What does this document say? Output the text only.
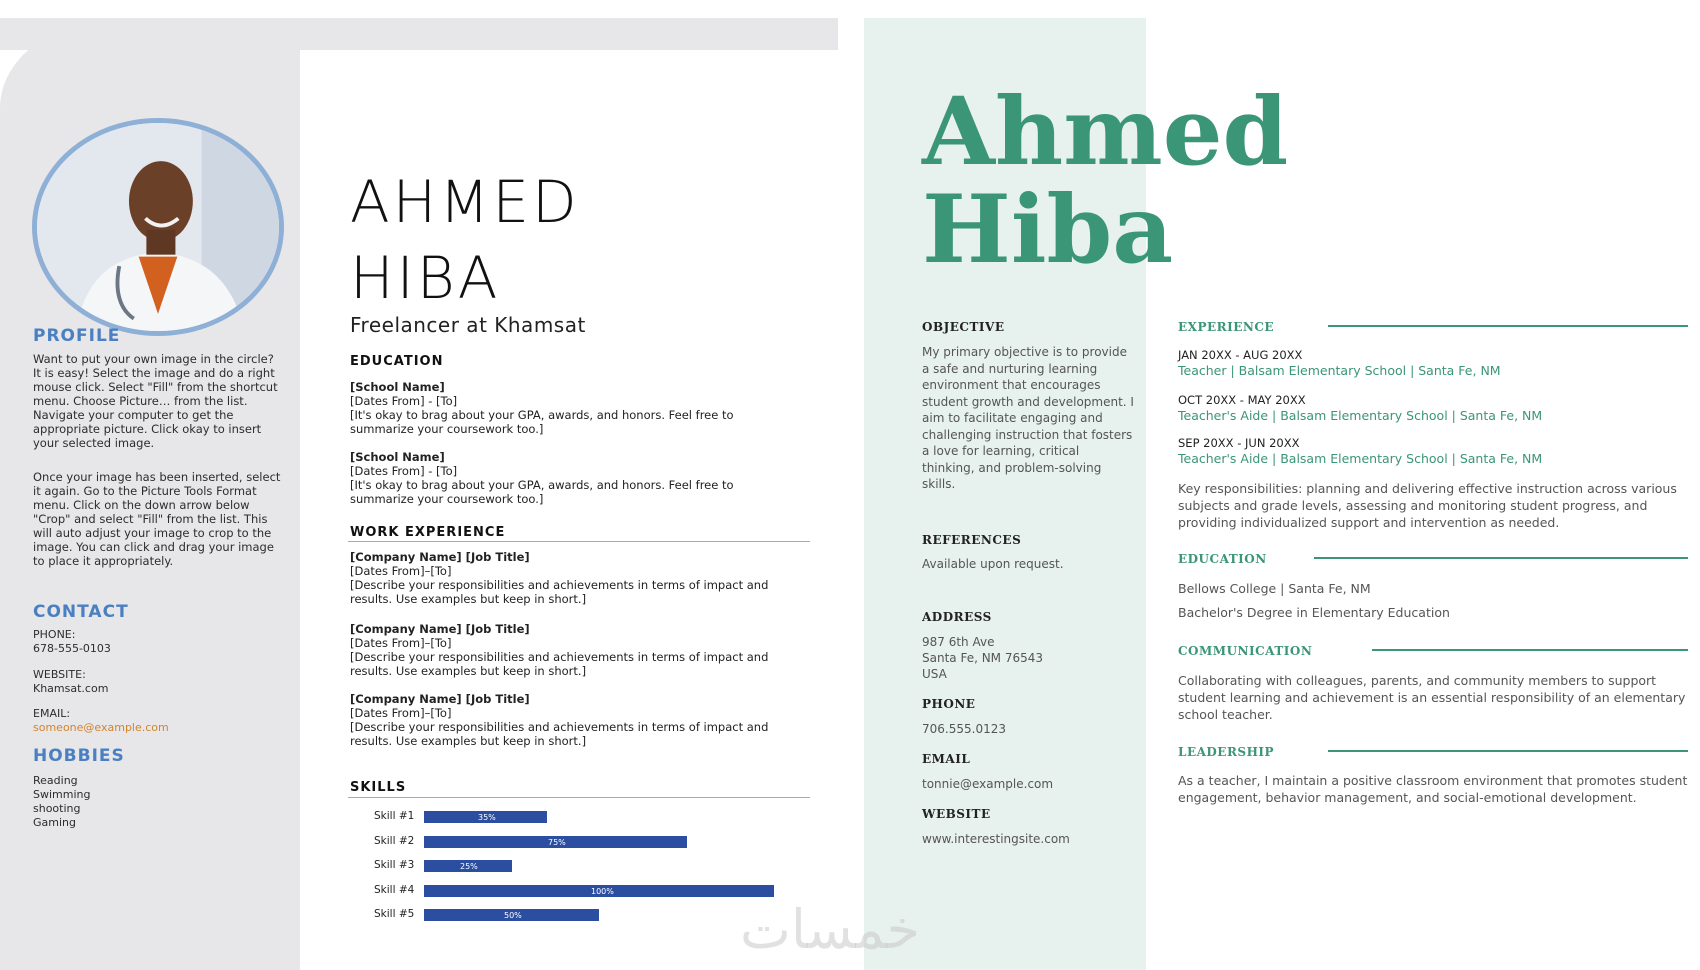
PROFILE
Want to put your own image in the circle? It is easy! Select the image and do a right mouse click. Select "Fill" from the shortcut menu. Choose Picture… from the list. Navigate your computer to get the appropriate picture. Click okay to insert your selected image.
Once your image has been inserted, select it again. Go to the Picture Tools Format menu. Click on the down arrow below "Crop" and select "Fill" from the list. This will auto adjust your image to crop to the image. You can click and drag your image to place it appropriately.
CONTACT
PHONE:
678-555-0103
WEBSITE:
Khamsat.com
EMAIL:
someone@example.com
HOBBIES
Reading
Swimming
shooting
Gaming
AHMED
HIBA
Freelancer at Khamsat
EDUCATION
[School Name]
[Dates From] - [To]
[It's okay to brag about your GPA, awards, and honors. Feel free to summarize your coursework too.]
[School Name]
[Dates From] - [To]
[It's okay to brag about your GPA, awards, and honors. Feel free to summarize your coursework too.]
WORK EXPERIENCE
[Company Name] [Job Title]
[Dates From]–[To]
[Describe your responsibilities and achievements in terms of impact and results. Use examples but keep in short.]
[Company Name] [Job Title]
[Dates From]–[To]
[Describe your responsibilities and achievements in terms of impact and results. Use examples but keep in short.]
[Company Name] [Job Title]
[Dates From]–[To]
[Describe your responsibilities and achievements in terms of impact and results. Use examples but keep in short.]
SKILLS
Skill #1	35%
Skill #2	75%
Skill #3	25%
Skill #4	100%
Skill #5	50%
Ahmed
Hiba
OBJECTIVE
My primary objective is to provide a safe and nurturing learning environment that encourages student growth and development. I aim to facilitate engaging and challenging instruction that fosters a love for learning, critical thinking, and problem-solving skills.
REFERENCES
Available upon request.
ADDRESS
987 6th Ave
Santa Fe, NM 76543
USA
PHONE
706.555.0123
EMAIL
tonnie@example.com
WEBSITE
www.interestingsite.com
EXPERIENCE
JAN 20XX - AUG 20XX
Teacher | Balsam Elementary School | Santa Fe, NM
OCT 20XX - MAY 20XX
Teacher's Aide | Balsam Elementary School | Santa Fe, NM
SEP 20XX - JUN 20XX
Teacher's Aide | Balsam Elementary School | Santa Fe, NM
Key responsibilities: planning and delivering effective instruction across various subjects and grade levels, assessing and monitoring student progress, and providing individualized support and intervention as needed.
EDUCATION
Bellows College | Santa Fe, NM
Bachelor's Degree in Elementary Education
COMMUNICATION
Collaborating with colleagues, parents, and community members to support student learning and achievement is an essential responsibility of an elementary school teacher.
LEADERSHIP
As a teacher, I maintain a positive classroom environment that promotes student engagement, behavior management, and social-emotional development.
خمسات
